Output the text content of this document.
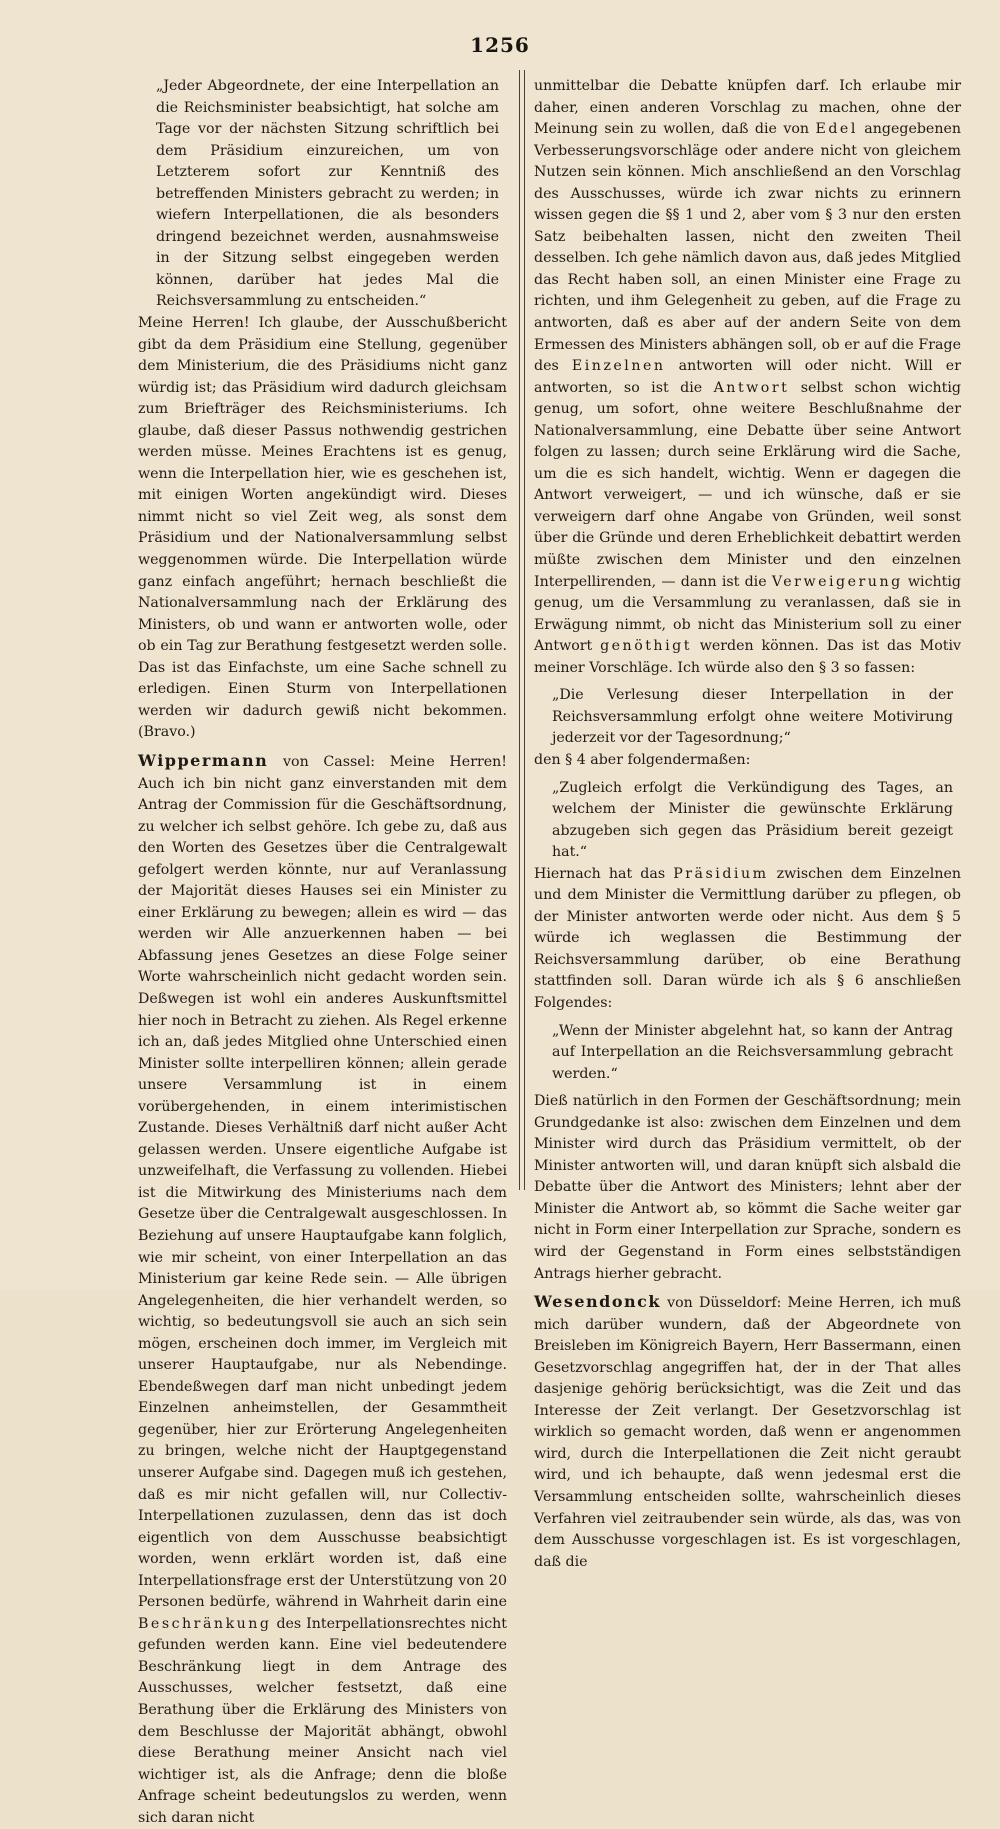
1256

„Jeder Abgeordnete, der eine Interpellation an die Reichsminister beabsichtigt, hat solche am Tage vor der nächsten Sitzung schriftlich bei dem Präsidium einzureichen, um von Letzterem sofort zur Kenntniß des betreffenden Ministers gebracht zu werden; in wiefern Interpellationen, die als besonders dringend bezeichnet werden, ausnahmsweise in der Sitzung selbst eingegeben werden können, darüber hat jedes Mal die Reichsversammlung zu entscheiden.“

Meine Herren! Ich glaube, der Ausschußbericht gibt da dem Präsidium eine Stellung, gegenüber dem Ministerium, die des Präsidiums nicht ganz würdig ist; das Präsidium wird dadurch gleichsam zum Briefträger des Reichsministeriums. Ich glaube, daß dieser Passus nothwendig gestrichen werden müsse. Meines Erachtens ist es genug, wenn die Interpellation hier, wie es geschehen ist, mit einigen Worten angekündigt wird. Dieses nimmt nicht so viel Zeit weg, als sonst dem Präsidium und der Nationalversammlung selbst weggenommen würde. Die Interpellation würde ganz einfach angeführt; hernach beschließt die Nationalversammlung nach der Erklärung des Ministers, ob und wann er antworten wolle, oder ob ein Tag zur Berathung festgesetzt werden solle. Das ist das Einfachste, um eine Sache schnell zu erledigen. Einen Sturm von Interpellationen werden wir dadurch gewiß nicht bekommen. (Bravo.)

Wippermann von Cassel: Meine Herren! Auch ich bin nicht ganz einverstanden mit dem Antrag der Commission für die Geschäftsordnung, zu welcher ich selbst gehöre. Ich gebe zu, daß aus den Worten des Gesetzes über die Centralgewalt gefolgert werden könnte, nur auf Veranlassung der Majorität dieses Hauses sei ein Minister zu einer Erklärung zu bewegen; allein es wird — das werden wir Alle anzuerkennen haben — bei Abfassung jenes Gesetzes an diese Folge seiner Worte wahrscheinlich nicht gedacht worden sein. Deßwegen ist wohl ein anderes Auskunftsmittel hier noch in Betracht zu ziehen. Als Regel erkenne ich an, daß jedes Mitglied ohne Unterschied einen Minister sollte interpelliren können; allein gerade unsere Versammlung ist in einem vorübergehenden, in einem interimistischen Zustande. Dieses Verhältniß darf nicht außer Acht gelassen werden. Unsere eigentliche Aufgabe ist unzweifelhaft, die Verfassung zu vollenden. Hiebei ist die Mitwirkung des Ministeriums nach dem Gesetze über die Centralgewalt ausgeschlossen. In Beziehung auf unsere Hauptaufgabe kann folglich, wie mir scheint, von einer Interpellation an das Ministerium gar keine Rede sein. — Alle übrigen Angelegenheiten, die hier verhandelt werden, so wichtig, so bedeutungsvoll sie auch an sich sein mögen, erscheinen doch immer, im Vergleich mit unserer Hauptaufgabe, nur als Nebendinge. Ebendeßwegen darf man nicht unbedingt jedem Einzelnen anheimstellen, der Gesammtheit gegenüber, hier zur Erörterung Angelegenheiten zu bringen, welche nicht der Hauptgegenstand unserer Aufgabe sind. Dagegen muß ich gestehen, daß es mir nicht gefallen will, nur Collectiv-Interpellationen zuzulassen, denn das ist doch eigentlich von dem Ausschusse beabsichtigt worden, wenn erklärt worden ist, daß eine Interpellationsfrage erst der Unterstützung von 20 Personen bedürfe, während in Wahrheit darin eine Beschränkung des Interpellationsrechtes nicht gefunden werden kann. Eine viel bedeutendere Beschränkung liegt in dem Antrage des Ausschusses, welcher festsetzt, daß eine Berathung über die Erklärung des Ministers von dem Beschlusse der Majorität abhängt, obwohl diese Berathung meiner Ansicht nach viel wichtiger ist, als die Anfrage; denn die bloße Anfrage scheint bedeutungslos zu werden, wenn sich daran nicht

unmittelbar die Debatte knüpfen darf. Ich erlaube mir daher, einen anderen Vorschlag zu machen, ohne der Meinung sein zu wollen, daß die von Edel angegebenen Verbesserungsvorschläge oder andere nicht von gleichem Nutzen sein können. Mich anschließend an den Vorschlag des Ausschusses, würde ich zwar nichts zu erinnern wissen gegen die §§ 1 und 2, aber vom § 3 nur den ersten Satz beibehalten lassen, nicht den zweiten Theil desselben. Ich gehe nämlich davon aus, daß jedes Mitglied das Recht haben soll, an einen Minister eine Frage zu richten, und ihm Gelegenheit zu geben, auf die Frage zu antworten, daß es aber auf der andern Seite von dem Ermessen des Ministers abhängen soll, ob er auf die Frage des Einzelnen antworten will oder nicht. Will er antworten, so ist die Antwort selbst schon wichtig genug, um sofort, ohne weitere Beschlußnahme der Nationalversammlung, eine Debatte über seine Antwort folgen zu lassen; durch seine Erklärung wird die Sache, um die es sich handelt, wichtig. Wenn er dagegen die Antwort verweigert, — und ich wünsche, daß er sie verweigern darf ohne Angabe von Gründen, weil sonst über die Gründe und deren Erheblichkeit debattirt werden müßte zwischen dem Minister und den einzelnen Interpellirenden, — dann ist die Verweigerung wichtig genug, um die Versammlung zu veranlassen, daß sie in Erwägung nimmt, ob nicht das Ministerium soll zu einer Antwort genöthigt werden können. Das ist das Motiv meiner Vorschläge. Ich würde also den § 3 so fassen:

„Die Verlesung dieser Interpellation in der Reichsversammlung erfolgt ohne weitere Motivirung jederzeit vor der Tagesordnung;“

den § 4 aber folgendermaßen:

„Zugleich erfolgt die Verkündigung des Tages, an welchem der Minister die gewünschte Erklärung abzugeben sich gegen das Präsidium bereit gezeigt hat.“

Hiernach hat das Präsidium zwischen dem Einzelnen und dem Minister die Vermittlung darüber zu pflegen, ob der Minister antworten werde oder nicht. Aus dem § 5 würde ich weglassen die Bestimmung der Reichsversammlung darüber, ob eine Berathung stattfinden soll. Daran würde ich als § 6 anschließen Folgendes:

„Wenn der Minister abgelehnt hat, so kann der Antrag auf Interpellation an die Reichsversammlung gebracht werden.“

Dieß natürlich in den Formen der Geschäftsordnung; mein Grundgedanke ist also: zwischen dem Einzelnen und dem Minister wird durch das Präsidium vermittelt, ob der Minister antworten will, und daran knüpft sich alsbald die Debatte über die Antwort des Ministers; lehnt aber der Minister die Antwort ab, so kömmt die Sache weiter gar nicht in Form einer Interpellation zur Sprache, sondern es wird der Gegenstand in Form eines selbstständigen Antrags hierher gebracht.

Wesendonck von Düsseldorf: Meine Herren, ich muß mich darüber wundern, daß der Abgeordnete von Breisleben im Königreich Bayern, Herr Bassermann, einen Gesetzvorschlag angegriffen hat, der in der That alles dasjenige gehörig berücksichtigt, was die Zeit und das Interesse der Zeit verlangt. Der Gesetzvorschlag ist wirklich so gemacht worden, daß wenn er angenommen wird, durch die Interpellationen die Zeit nicht geraubt wird, und ich behaupte, daß wenn jedesmal erst die Versammlung entscheiden sollte, wahrscheinlich dieses Verfahren viel zeitraubender sein würde, als das, was von dem Ausschusse vorgeschlagen ist. Es ist vorgeschlagen, daß die
